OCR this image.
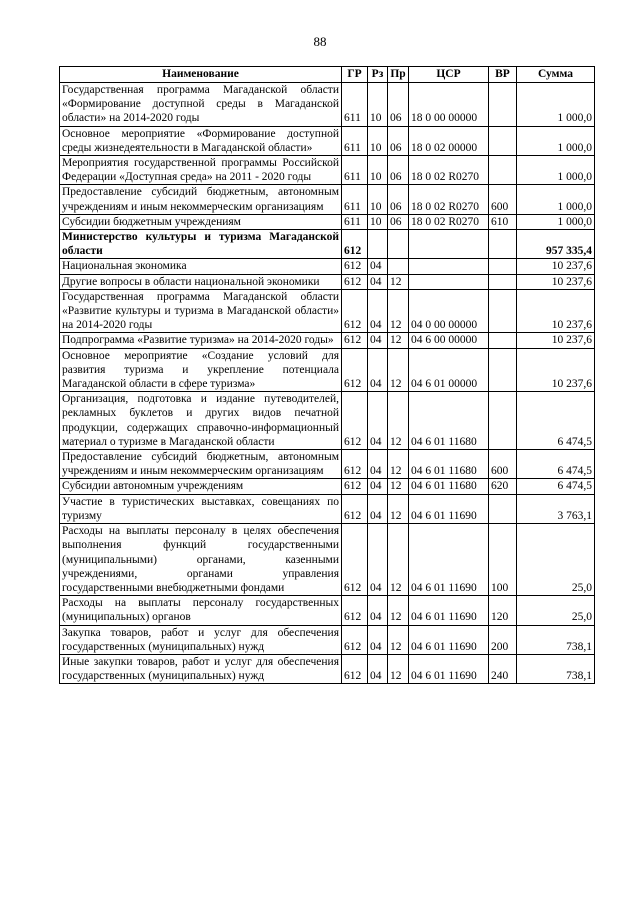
88
Наименование	ГР	Рз	Пр	ЦСР	ВР	Сумма
Государственная программа Магаданской области «Формирование доступной среды в Магаданской области» на 2014-2020 годы	611	10	06	18 0 00 00000		1 000,0
Основное мероприятие «Формирование доступной среды жизнедеятельности в Магаданской области»	611	10	06	18 0 02 00000		1 000,0
Мероприятия государственной программы Российской Федерации «Доступная среда» на 2011 - 2020 годы	611	10	06	18 0 02 R0270		1 000,0
Предоставление субсидий бюджетным, автономным учреждениям и иным некоммерческим организациям	611	10	06	18 0 02 R0270	600	1 000,0
Субсидии бюджетным учреждениям	611	10	06	18 0 02 R0270	610	1 000,0
Министерство культуры и туризма Магаданской области	612					957 335,4
Национальная экономика	612	04				10 237,6
Другие вопросы в области национальной экономики	612	04	12			10 237,6
Государственная программа Магаданской области «Развитие культуры и туризма в Магаданской области» на 2014-2020 годы	612	04	12	04 0 00 00000		10 237,6
Подпрограмма «Развитие туризма» на 2014-2020 годы»	612	04	12	04 6 00 00000		10 237,6
Основное мероприятие «Создание условий для развития туризма и укрепление потенциала Магаданской области в сфере туризма»	612	04	12	04 6 01 00000		10 237,6
Организация, подготовка и издание путеводителей, рекламных буклетов и других видов печатной продукции, содержащих справочно-информационный материал о туризме в Магаданской области	612	04	12	04 6 01 11680		6 474,5
Предоставление субсидий бюджетным, автономным учреждениям и иным некоммерческим организациям	612	04	12	04 6 01 11680	600	6 474,5
Субсидии автономным учреждениям	612	04	12	04 6 01 11680	620	6 474,5
Участие в туристических выставках, совещаниях по туризму	612	04	12	04 6 01 11690		3 763,1
Расходы на выплаты персоналу в целях обеспечения выполнения функций государственными (муниципальными) органами, казенными учреждениями, органами управления государственными внебюджетными фондами	612	04	12	04 6 01 11690	100	25,0
Расходы на выплаты персоналу государственных (муниципальных) органов	612	04	12	04 6 01 11690	120	25,0
Закупка товаров, работ и услуг для обеспечения государственных (муниципальных) нужд	612	04	12	04 6 01 11690	200	738,1
Иные закупки товаров, работ и услуг для обеспечения государственных (муниципальных) нужд	612	04	12	04 6 01 11690	240	738,1
